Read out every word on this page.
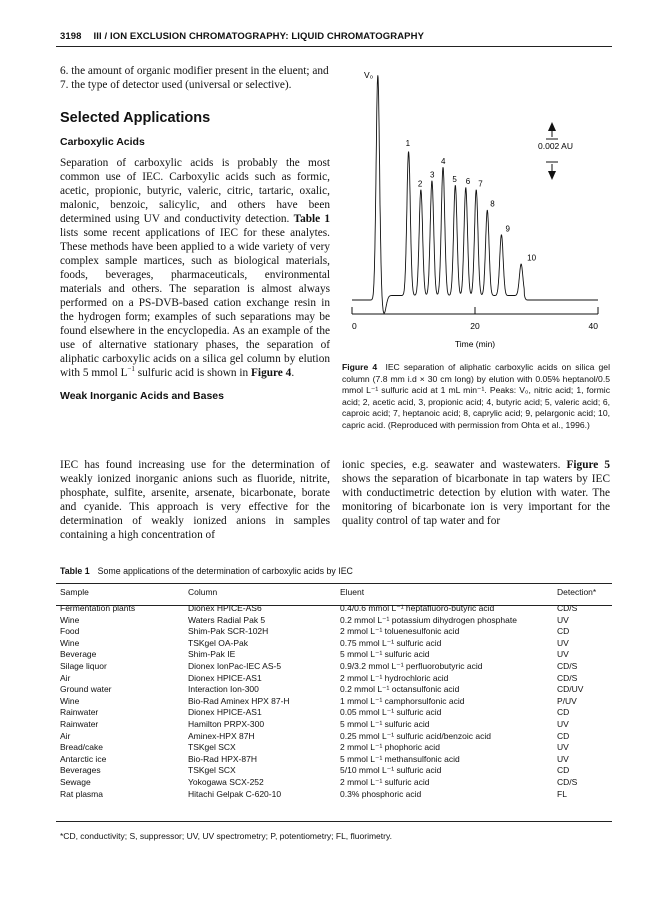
3198 III / ION EXCLUSION CHROMATOGRAPHY: LIQUID CHROMATOGRAPHY
6. the amount of organic modifier present in the eluent; and
7. the type of detector used (universal or selective).
Selected Applications
Carboxylic Acids

Separation of carboxylic acids is probably the most common use of IEC. Carboxylic acids such as formic, acetic, propionic, butyric, valeric, citric, tartaric, oxalic, malonic, benzoic, salicylic, and others have been determined using UV and conductivity detection. Table 1 lists some recent applications of IEC for these analytes. These methods have been applied to a wide variety of very complex sample martices, such as biological materials, foods, beverages, pharmaceuticals, environmental materials and others. The separation is almost always performed on a PS-DVB-based cation exchange resin in the hydrogen form; examples of such separations may be found elsewhere in the encyclopedia. As an example of the use of alternative stationary phases, the separation of aliphatic carboxylic acids on a silica gel column by elution with 5 mmol $L^{-1}$ sulfuric acid is shown in Figure 4.

Weak Inorganic Acids and Bases
V₀
1
2
3
4
5 6 7
8
9
10
0.002 AU
0	20	40
Time (min)
Figure 4 IEC separation of aliphatic carboxylic acids on silica gel column (7.8 mm i.d × 30 cm long) by elution with 0.05% heptanol/0.5 mmol L⁻¹ sulfuric acid at 1 mL min⁻¹. Peaks: V₀, nitric acid; 1, formic acid; 2, acetic acid, 3, propionic acid; 4, butyric acid; 5, valeric acid; 6, caproic acid; 7, heptanoic acid; 8, caprylic acid; 9, pelargonic acid; 10, capric acid. (Reproduced with permission from Ohta et al., 1996.)

IEC has found increasing use for the determination of weakly ionized inorganic anions such as fluoride, nitrite, phosphate, sulfite, arsenite, arsenate, bicarbonate, borate and cyanide. This approach is very effective for the determination of weakly ionized anions in samples containing a high concentration of

ionic species, e.g. seawater and wastewaters. Figure 5 shows the separation of bicarbonate in tap waters by IEC with conductimetric detection by elution with water. The monitoring of bicarbonate ion is very important for the quality control of tap water and for

Table 1 Some applications of the determination of carboxylic acids by IEC
Sample	Column	Eluent	Detection*
Fermentation plants	Dionex HPICE-AS6	0.4/0.6 mmol L⁻¹ heptafluoro-butyric acid	CD/S
Wine	Waters Radial Pak 5	0.2 mmol L⁻¹ potassium dihydrogen phosphate	UV
Food	Shim-Pak SCR-102H	2 mmol L⁻¹ toluenesulfonic acid	CD
Wine	TSKgel OA-Pak	0.75 mmol L⁻¹ sulfuric acid	UV
Beverage	Shim-Pak IE	5 mmol L⁻¹ sulfuric acid	UV
Silage liquor	Dionex IonPac-IEC AS-5	0.9/3.2 mmol L⁻¹ perfluorobutyric acid	CD/S
Air	Dionex HPICE-AS1	2 mmol L⁻¹ hydrochloric acid	CD/S
Ground water	Interaction Ion-300	0.2 mmol L⁻¹ octansulfonic acid	CD/UV
Wine	Bio-Rad Aminex HPX 87-H	1 mmol L⁻¹ camphorsulfonic acid	P/UV
Rainwater	Dionex HPICE-AS1	0.05 mmol L⁻¹ sulfuric acid	CD
Rainwater	Hamilton PRPX-300	5 mmol L⁻¹ sulfuric acid	UV
Air	Aminex-HPX 87H	0.25 mmol L⁻¹ sulfuric acid/benzoic acid	CD
Bread/cake	TSKgel SCX	2 mmol L⁻¹ phophoric acid	UV
Antarctic ice	Bio-Rad HPX-87H	5 mmol L⁻¹ methansulfonic acid	UV
Beverages	TSKgel SCX	5/10 mmol L⁻¹ sulfuric acid	CD
Sewage	Yokogawa SCX-252	2 mmol L⁻¹ sulfuric acid	CD/S
Rat plasma	Hitachi Gelpak C-620-10	0.3% phosphoric acid	FL
*CD, conductivity; S, suppressor; UV, UV spectrometry; P, potentiometry; FL, fluorimetry.
